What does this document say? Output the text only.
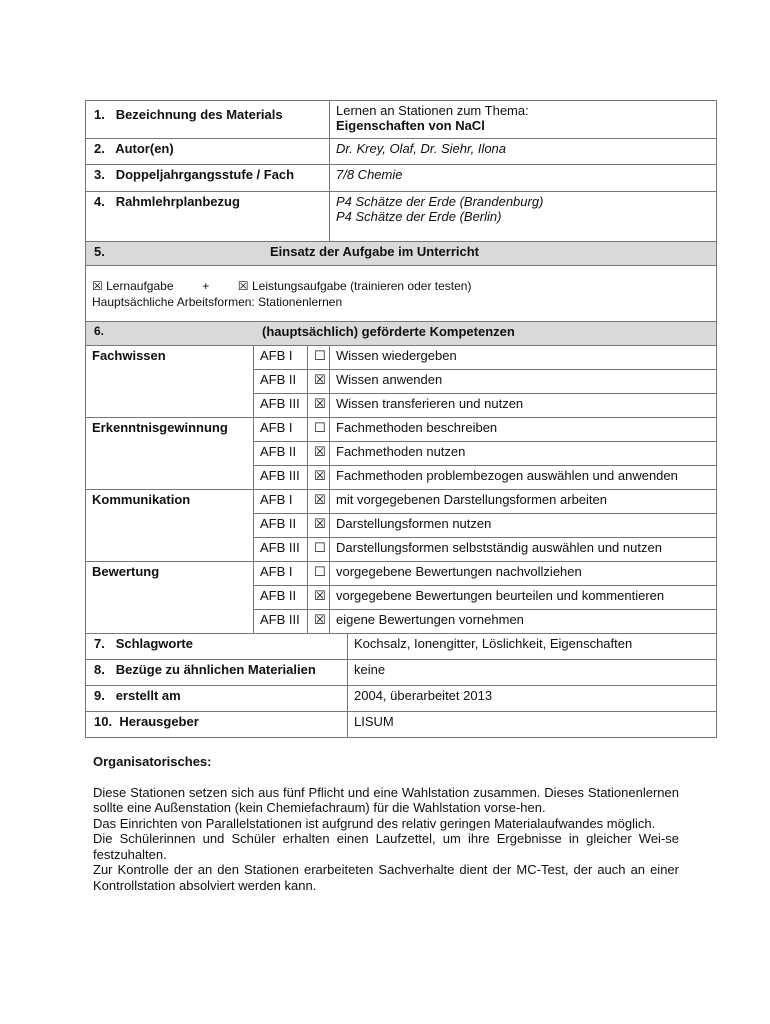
1. Bezeichnung des Materials			Lernen an Stationen zum Thema:
Eigenschaften von NaCl	

2. Autor(en)			Dr. Krey, Olaf, Dr. Siehr, Ilona	
3. Doppeljahrgangsstufe / Fach			7/8 Chemie	
4. Rahmlehrplanbezug			P4 Schätze der Erde (Brandenburg)
P4 Schätze der Erde (Berlin)	

5. Einsatz der Aufgabe im Unterricht				

☒ Lernaufgabe + ☒ Leistungsaufgabe (trainieren oder testen)
Hauptsächliche Arbeitsformen: Stationenlernen				

6. (hauptsächlich) geförderte Kompetenzen				

Fachwissen	AFB I	☐	Wissen wiedergeben	
	AFB II	☒	Wissen anwenden	
	AFB III	☒	Wissen transferieren und nutzen	
Erkenntnisgewinnung	AFB I	☐	Fachmethoden beschreiben	
	AFB II	☒	Fachmethoden nutzen	
	AFB III	☒	Fachmethoden problembezogen auswählen und anwenden	
Kommunikation	AFB I	☒	mit vorgegebenen Darstellungsformen arbeiten	
	AFB II	☒	Darstellungsformen nutzen	
	AFB III	☐	Darstellungsformen selbstständig auswählen und nutzen	
Bewertung	AFB I	☐	vorgegebene Bewertungen nachvollziehen	
	AFB II	☒	vorgegebene Bewertungen beurteilen und kommentieren	
	AFB III	☒	eigene Bewertungen vornehmen	
7. Schlagworte				Kochsalz, Ionengitter, Löslichkeit, Eigenschaften
8. Bezüge zu ähnlichen Materialien				keine
9. erstellt am				2004, überarbeitet 2013
10. Herausgeber				LISUM
Organisatorisches:

Diese Stationen setzen sich aus fünf Pflicht und eine Wahlstation zusammen. Dieses Stationenlernen sollte eine Außenstation (kein Chemiefachraum) für die Wahlstation vorse-hen.

Das Einrichten von Parallelstationen ist aufgrund des relativ geringen Materialaufwandes möglich.

Die Schülerinnen und Schüler erhalten einen Laufzettel, um ihre Ergebnisse in gleicher Wei-se festzuhalten.

Zur Kontrolle der an den Stationen erarbeiteten Sachverhalte dient der MC-Test, der auch an einer Kontrollstation absolviert werden kann.
